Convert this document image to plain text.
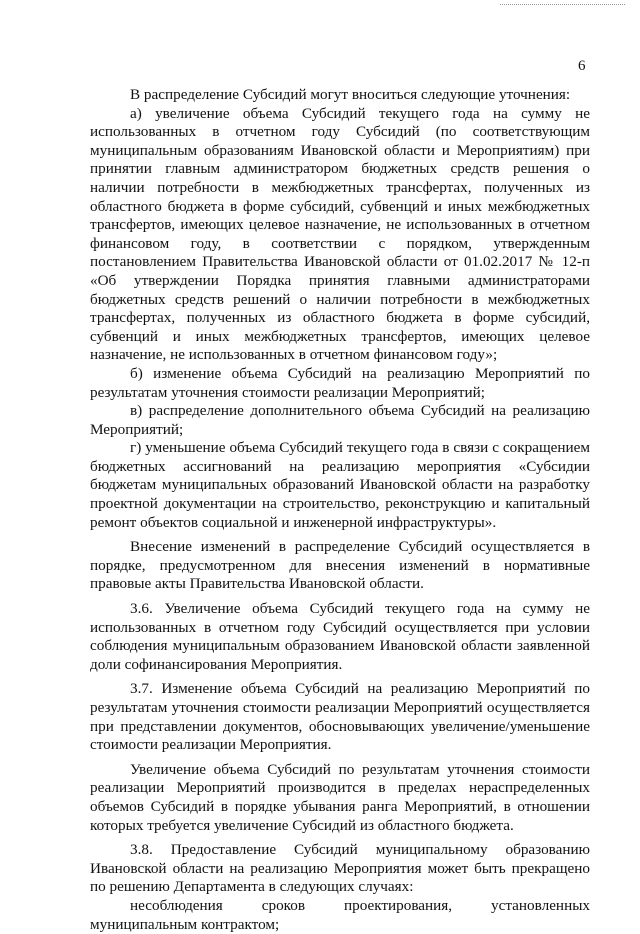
6

В распределение Субсидий могут вноситься следующие уточнения:

а) увеличение объема Субсидий текущего года на сумму не использованных в отчетном году Субсидий (по соответствующим муниципальным образованиям Ивановской области и Мероприятиям) при принятии главным администратором бюджетных средств решения о наличии потребности в межбюджетных трансфертах, полученных из областного бюджета в форме субсидий, субвенций и иных межбюджетных трансфертов, имеющих целевое назначение, не использованных в отчетном финансовом году, в соответствии с порядком, утвержденным постановлением Правительства Ивановской области от 01.02.2017 № 12-п «Об утверждении Порядка принятия главными администраторами бюджетных средств решений о наличии потребности в межбюджетных трансфертах, полученных из областного бюджета в форме субсидий, субвенций и иных межбюджетных трансфертов, имеющих целевое назначение, не использованных в отчетном финансовом году»;

б) изменение объема Субсидий на реализацию Мероприятий по результатам уточнения стоимости реализации Мероприятий;

в) распределение дополнительного объема Субсидий на реализацию Мероприятий;

г) уменьшение объема Субсидий текущего года в связи с сокращением бюджетных ассигнований на реализацию мероприятия «Субсидии бюджетам муниципальных образований Ивановской области на разработку проектной документации на строительство, реконструкцию и капитальный ремонт объектов социальной и инженерной инфраструктуры».

Внесение изменений в распределение Субсидий осуществляется в порядке, предусмотренном для внесения изменений в нормативные правовые акты Правительства Ивановской области.

3.6. Увеличение объема Субсидий текущего года на сумму не использованных в отчетном году Субсидий осуществляется при условии соблюдения муниципальным образованием Ивановской области заявленной доли софинансирования Мероприятия.

3.7. Изменение объема Субсидий на реализацию Мероприятий по результатам уточнения стоимости реализации Мероприятий осуществляется при представлении документов, обосновывающих увеличение/уменьшение стоимости реализации Мероприятия.

Увеличение объема Субсидий по результатам уточнения стоимости реализации Мероприятий производится в пределах нераспределенных объемов Субсидий в порядке убывания ранга Мероприятий, в отношении которых требуется увеличение Субсидий из областного бюджета.

3.8. Предоставление Субсидий муниципальному образованию Ивановской области на реализацию Мероприятия может быть прекращено по решению Департамента в следующих случаях:

несоблюдения сроков проектирования, установленных муниципальным контрактом;
